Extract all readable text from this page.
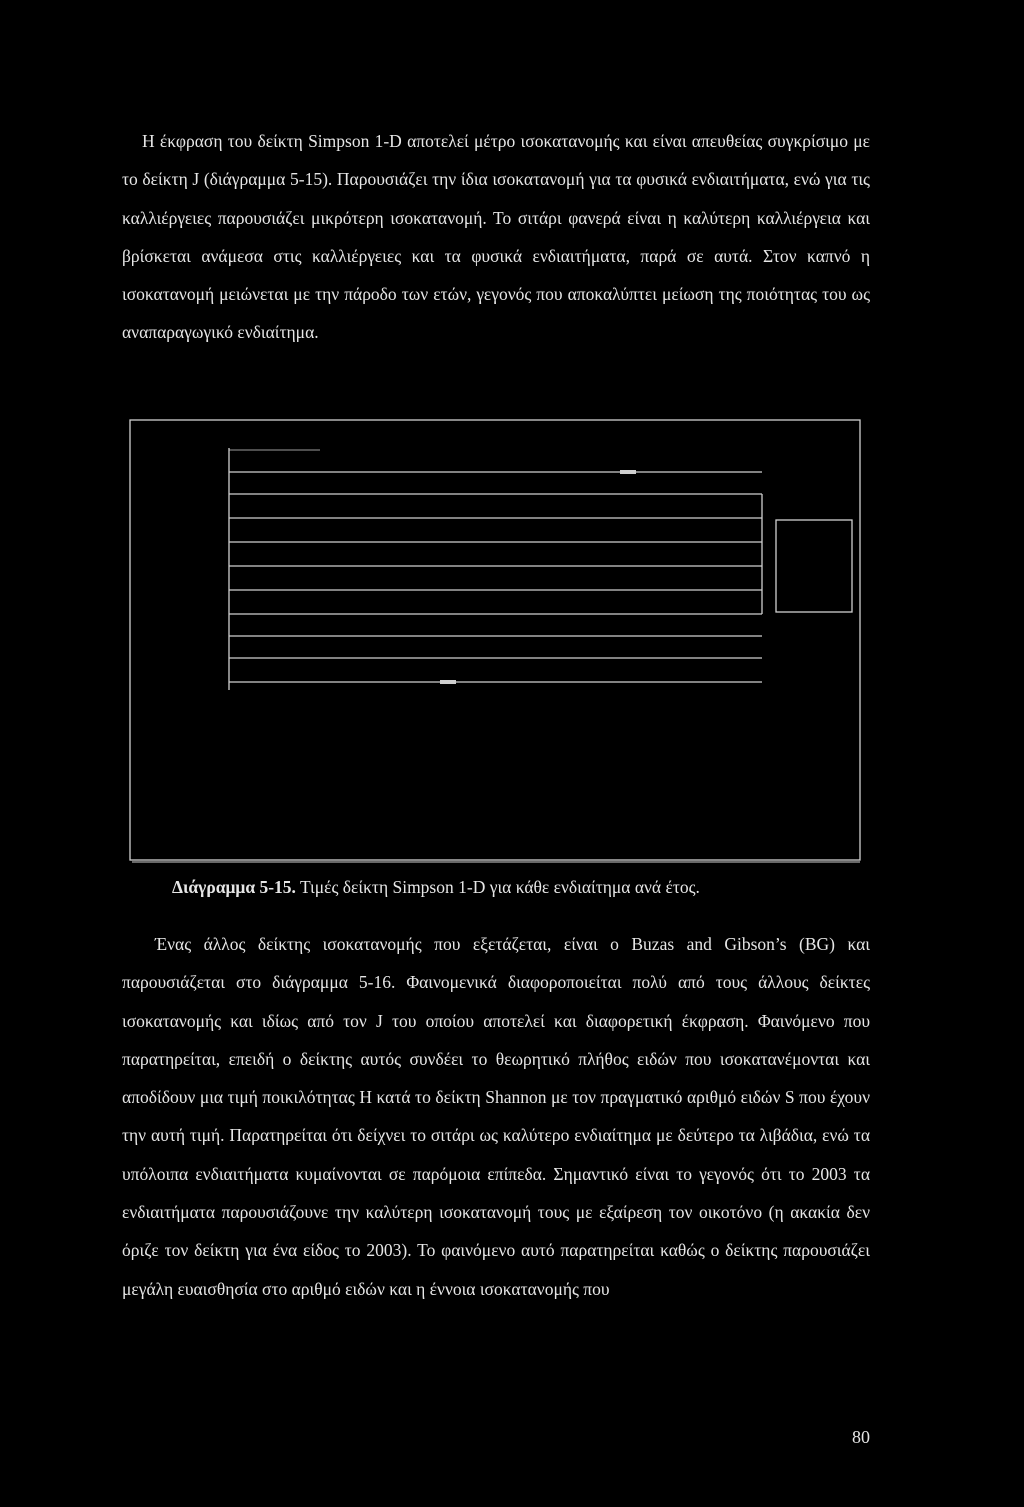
Η έκφραση του δείκτη Simpson 1-D αποτελεί μέτρο ισοκατανομής και είναι απευθείας συγκρίσιμο με το δείκτη J (διάγραμμα 5-15). Παρουσιάζει την ίδια ισοκατανομή για τα φυσικά ενδιαιτήματα, ενώ για τις καλλιέργειες παρουσιάζει μικρότερη ισοκατανομή. Το σιτάρι φανερά είναι η καλύτερη καλλιέργεια και βρίσκεται ανάμεσα στις καλλιέργειες και τα φυσικά ενδιαιτήματα, παρά σε αυτά. Στον καπνό η ισοκατανομή μειώνεται με την πάροδο των ετών, γεγονός που αποκαλύπτει μείωση της ποιότητας του ως αναπαραγωγικό ενδιαίτημα.

Διάγραμμα 5-15. Τιμές δείκτη Simpson 1-D για κάθε ενδιαίτημα ανά έτος.

Ένας άλλος δείκτης ισοκατανομής που εξετάζεται, είναι ο Buzas and Gibson’s (BG) και παρουσιάζεται στο διάγραμμα 5-16. Φαινομενικά διαφοροποιείται πολύ από τους άλλους δείκτες ισοκατανομής και ιδίως από τον J του οποίου αποτελεί και διαφορετική έκφραση. Φαινόμενο που παρατηρείται, επειδή ο δείκτης αυτός συνδέει το θεωρητικό πλήθος ειδών που ισοκατανέμονται και αποδίδουν μια τιμή ποικιλότητας H κατά το δείκτη Shannon με τον πραγματικό αριθμό ειδών S που έχουν την αυτή τιμή. Παρατηρείται ότι δείχνει το σιτάρι ως καλύτερο ενδιαίτημα με δεύτερο τα λιβάδια, ενώ τα υπόλοιπα ενδιαιτήματα κυμαίνονται σε παρόμοια επίπεδα. Σημαντικό είναι το γεγονός ότι το 2003 τα ενδιαιτήματα παρουσιάζουνε την καλύτερη ισοκατανομή τους με εξαίρεση τον οικοτόνο (η ακακία δεν όριζε τον δείκτη για ένα είδος το 2003). Το φαινόμενο αυτό παρατηρείται καθώς ο δείκτης παρουσιάζει μεγάλη ευαισθησία στο αριθμό ειδών και η έννοια ισοκατανομής που

80
